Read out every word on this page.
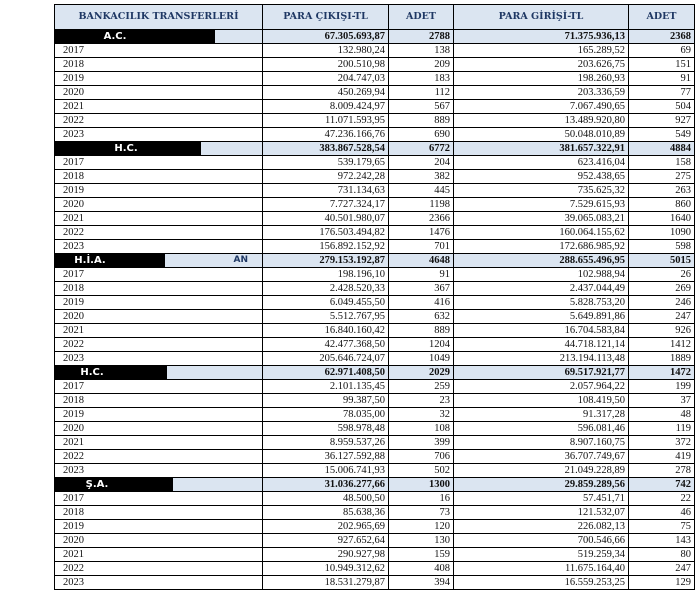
BANKACILIK TRANSFERLERİ	PARA ÇIKIŞI-TL	ADET	PARA GİRİŞİ-TL	ADET

A.C.	67.305.693,87	2788	71.375.936,13	2368
2017	132.980,24	138	165.289,52	69
2018	200.510,98	209	203.626,75	151
2019	204.747,03	183	198.260,93	91
2020	450.269,94	112	203.336,59	77
2021	8.009.424,97	567	7.067.490,65	504
2022	11.071.593,95	889	13.489.920,80	927
2023	47.236.166,76	690	50.048.010,89	549

H.C.	383.867.528,54	6772	381.657.322,91	4884
2017	539.179,65	204	623.416,04	158
2018	972.242,28	382	952.438,65	275
2019	731.134,63	445	735.625,32	263
2020	7.727.324,17	1198	7.529.615,93	860
2021	40.501.980,07	2366	39.065.083,21	1640
2022	176.503.494,82	1476	160.064.155,62	1090
2023	156.892.152,92	701	172.686.985,92	598

H.İ.A. AN	279.153.192,87	4648	288.655.496,95	5015
2017	198.196,10	91	102.988,94	26
2018	2.428.520,33	367	2.437.044,49	269
2019	6.049.455,50	416	5.828.753,20	246
2020	5.512.767,95	632	5.649.891,86	247
2021	16.840.160,42	889	16.704.583,84	926
2022	42.477.368,50	1204	44.718.121,14	1412
2023	205.646.724,07	1049	213.194.113,48	1889

H.C.	62.971.408,50	2029	69.517.921,77	1472
2017	2.101.135,45	259	2.057.964,22	199
2018	99.387,50	23	108.419,50	37
2019	78.035,00	32	91.317,28	48
2020	598.978,48	108	596.081,46	119
2021	8.959.537,26	399	8.907.160,75	372
2022	36.127.592,88	706	36.707.749,67	419
2023	15.006.741,93	502	21.049.228,89	278

Ş.A.	31.036.277,66	1300	29.859.289,56	742
2017	48.500,50	16	57.451,71	22
2018	85.638,36	73	121.532,07	46
2019	202.965,69	120	226.082,13	75
2020	927.652,64	130	700.546,66	143
2021	290.927,98	159	519.259,34	80
2022	10.949.312,62	408	11.675.164,40	247
2023	18.531.279,87	394	16.559.253,25	129
